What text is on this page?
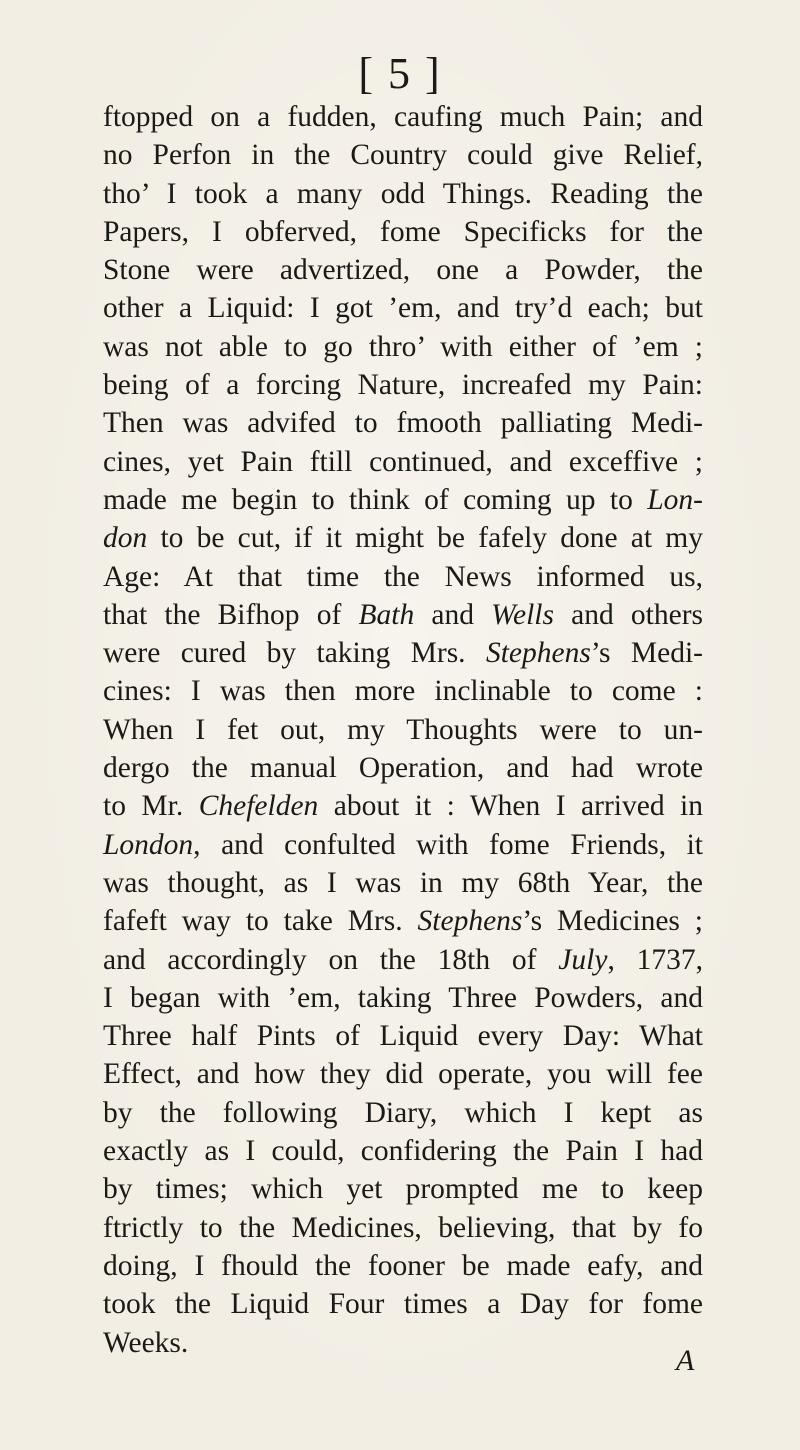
[ 5 ]
ftopped on a fudden, caufing much Pain; and
no Perfon in the Country could give Relief,
tho’ I took a many odd Things. Reading the
Papers, I obferved, fome Specificks for the
Stone were advertized, one a Powder, the
other a Liquid: I got ’em, and try’d each; but
was not able to go thro’ with either of ’em ;
being of a forcing Nature, increafed my Pain:
Then was advifed to fmooth palliating Medi-
cines, yet Pain ftill continued, and exceffive ;
made me begin to think of coming up to Lon-
don to be cut, if it might be fafely done at my
Age: At that time the News informed us,
that the Bifhop of Bath and Wells and others
were cured by taking Mrs. Stephens’s Medi-
cines: I was then more inclinable to come :
When I fet out, my Thoughts were to un-
dergo the manual Operation, and had wrote
to Mr. Chefelden about it : When I arrived in
London, and confulted with fome Friends, it
was thought, as I was in my 68th Year, the
fafeft way to take Mrs. Stephens’s Medicines ;
and accordingly on the 18th of July, 1737,
I began with ’em, taking Three Powders, and
Three half Pints of Liquid every Day: What
Effect, and how they did operate, you will fee
by the following Diary, which I kept as
exactly as I could, confidering the Pain I had
by times; which yet prompted me to keep
ftrictly to the Medicines, believing, that by fo
doing, I fhould the fooner be made eafy, and
took the Liquid Four times a Day for fome
Weeks.
A
